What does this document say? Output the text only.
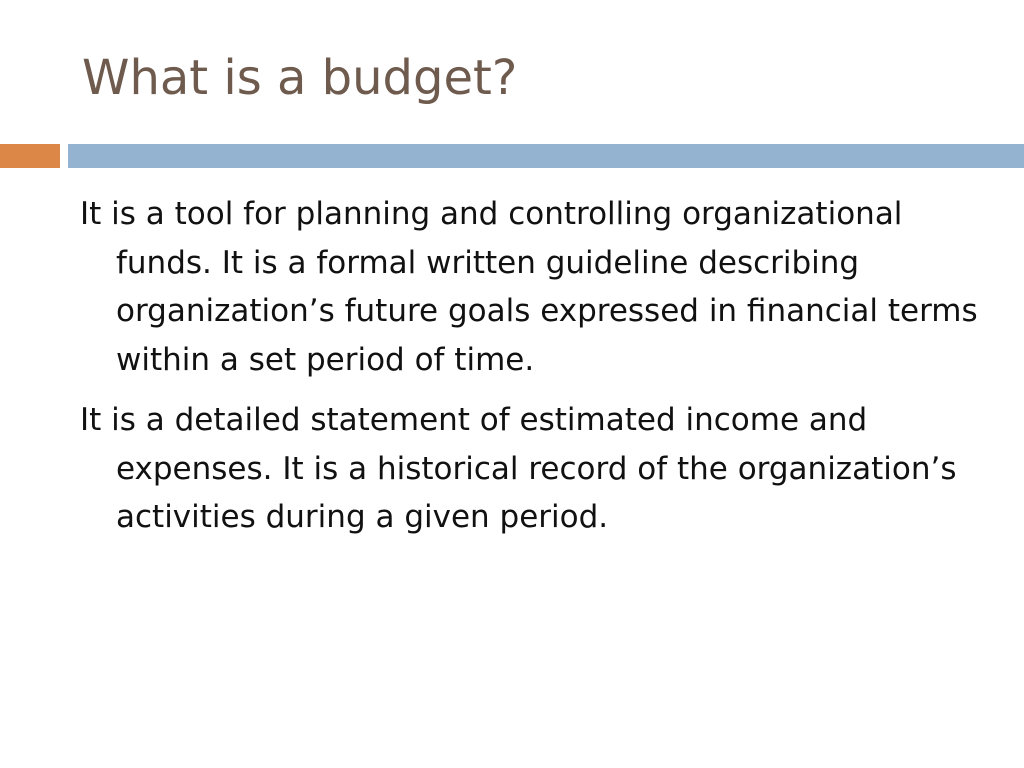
What is a budget?

It is a tool for planning and controlling organizational funds. It is a formal written guideline describing organization’s future goals expressed in financial terms within a set period of time.

It is a detailed statement of estimated income and expenses. It is a historical record of the organization’s activities during a given period.
